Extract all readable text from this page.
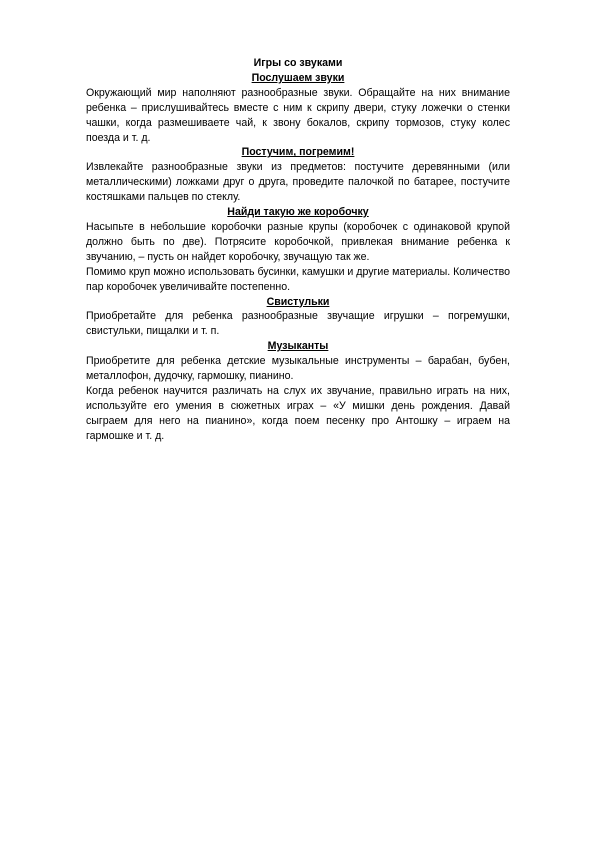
Игры со звуками
Послушаем звуки

Окружающий мир наполняют разнообразные звуки. Обращайте на них внимание ребенка – прислушивайтесь вместе с ним к скрипу двери, стуку ложечки о стенки чашки, когда размешиваете чай, к звону бокалов, скрипу тормозов, стуку колес поезда и т. д.

Постучим, погремим!

Извлекайте разнообразные звуки из предметов: постучите деревянными (или металлическими) ложками друг о друга, проведите палочкой по батарее, постучите костяшками пальцев по стеклу.

Найди такую же коробочку

Насыпьте в небольшие коробочки разные крупы (коробочек с одинаковой крупой должно быть по две). Потрясите коробочкой, привлекая внимание ребенка к звучанию, – пусть он найдет коробочку, звучащую так же.

Помимо круп можно использовать бусинки, камушки и другие материалы. Количество пар коробочек увеличивайте постепенно.

Свистульки

Приобретайте для ребенка разнообразные звучащие игрушки – погремушки, свистульки, пищалки и т. п.

Музыканты

Приобретите для ребенка детские музыкальные инструменты – барабан, бубен, металлофон, дудочку, гармошку, пианино.

Когда ребенок научится различать на слух их звучание, правильно играть на них, используйте его умения в сюжетных играх – «У мишки день рождения. Давай сыграем для него на пианино», когда поем песенку про Антошку – играем на гармошке и т. д.
